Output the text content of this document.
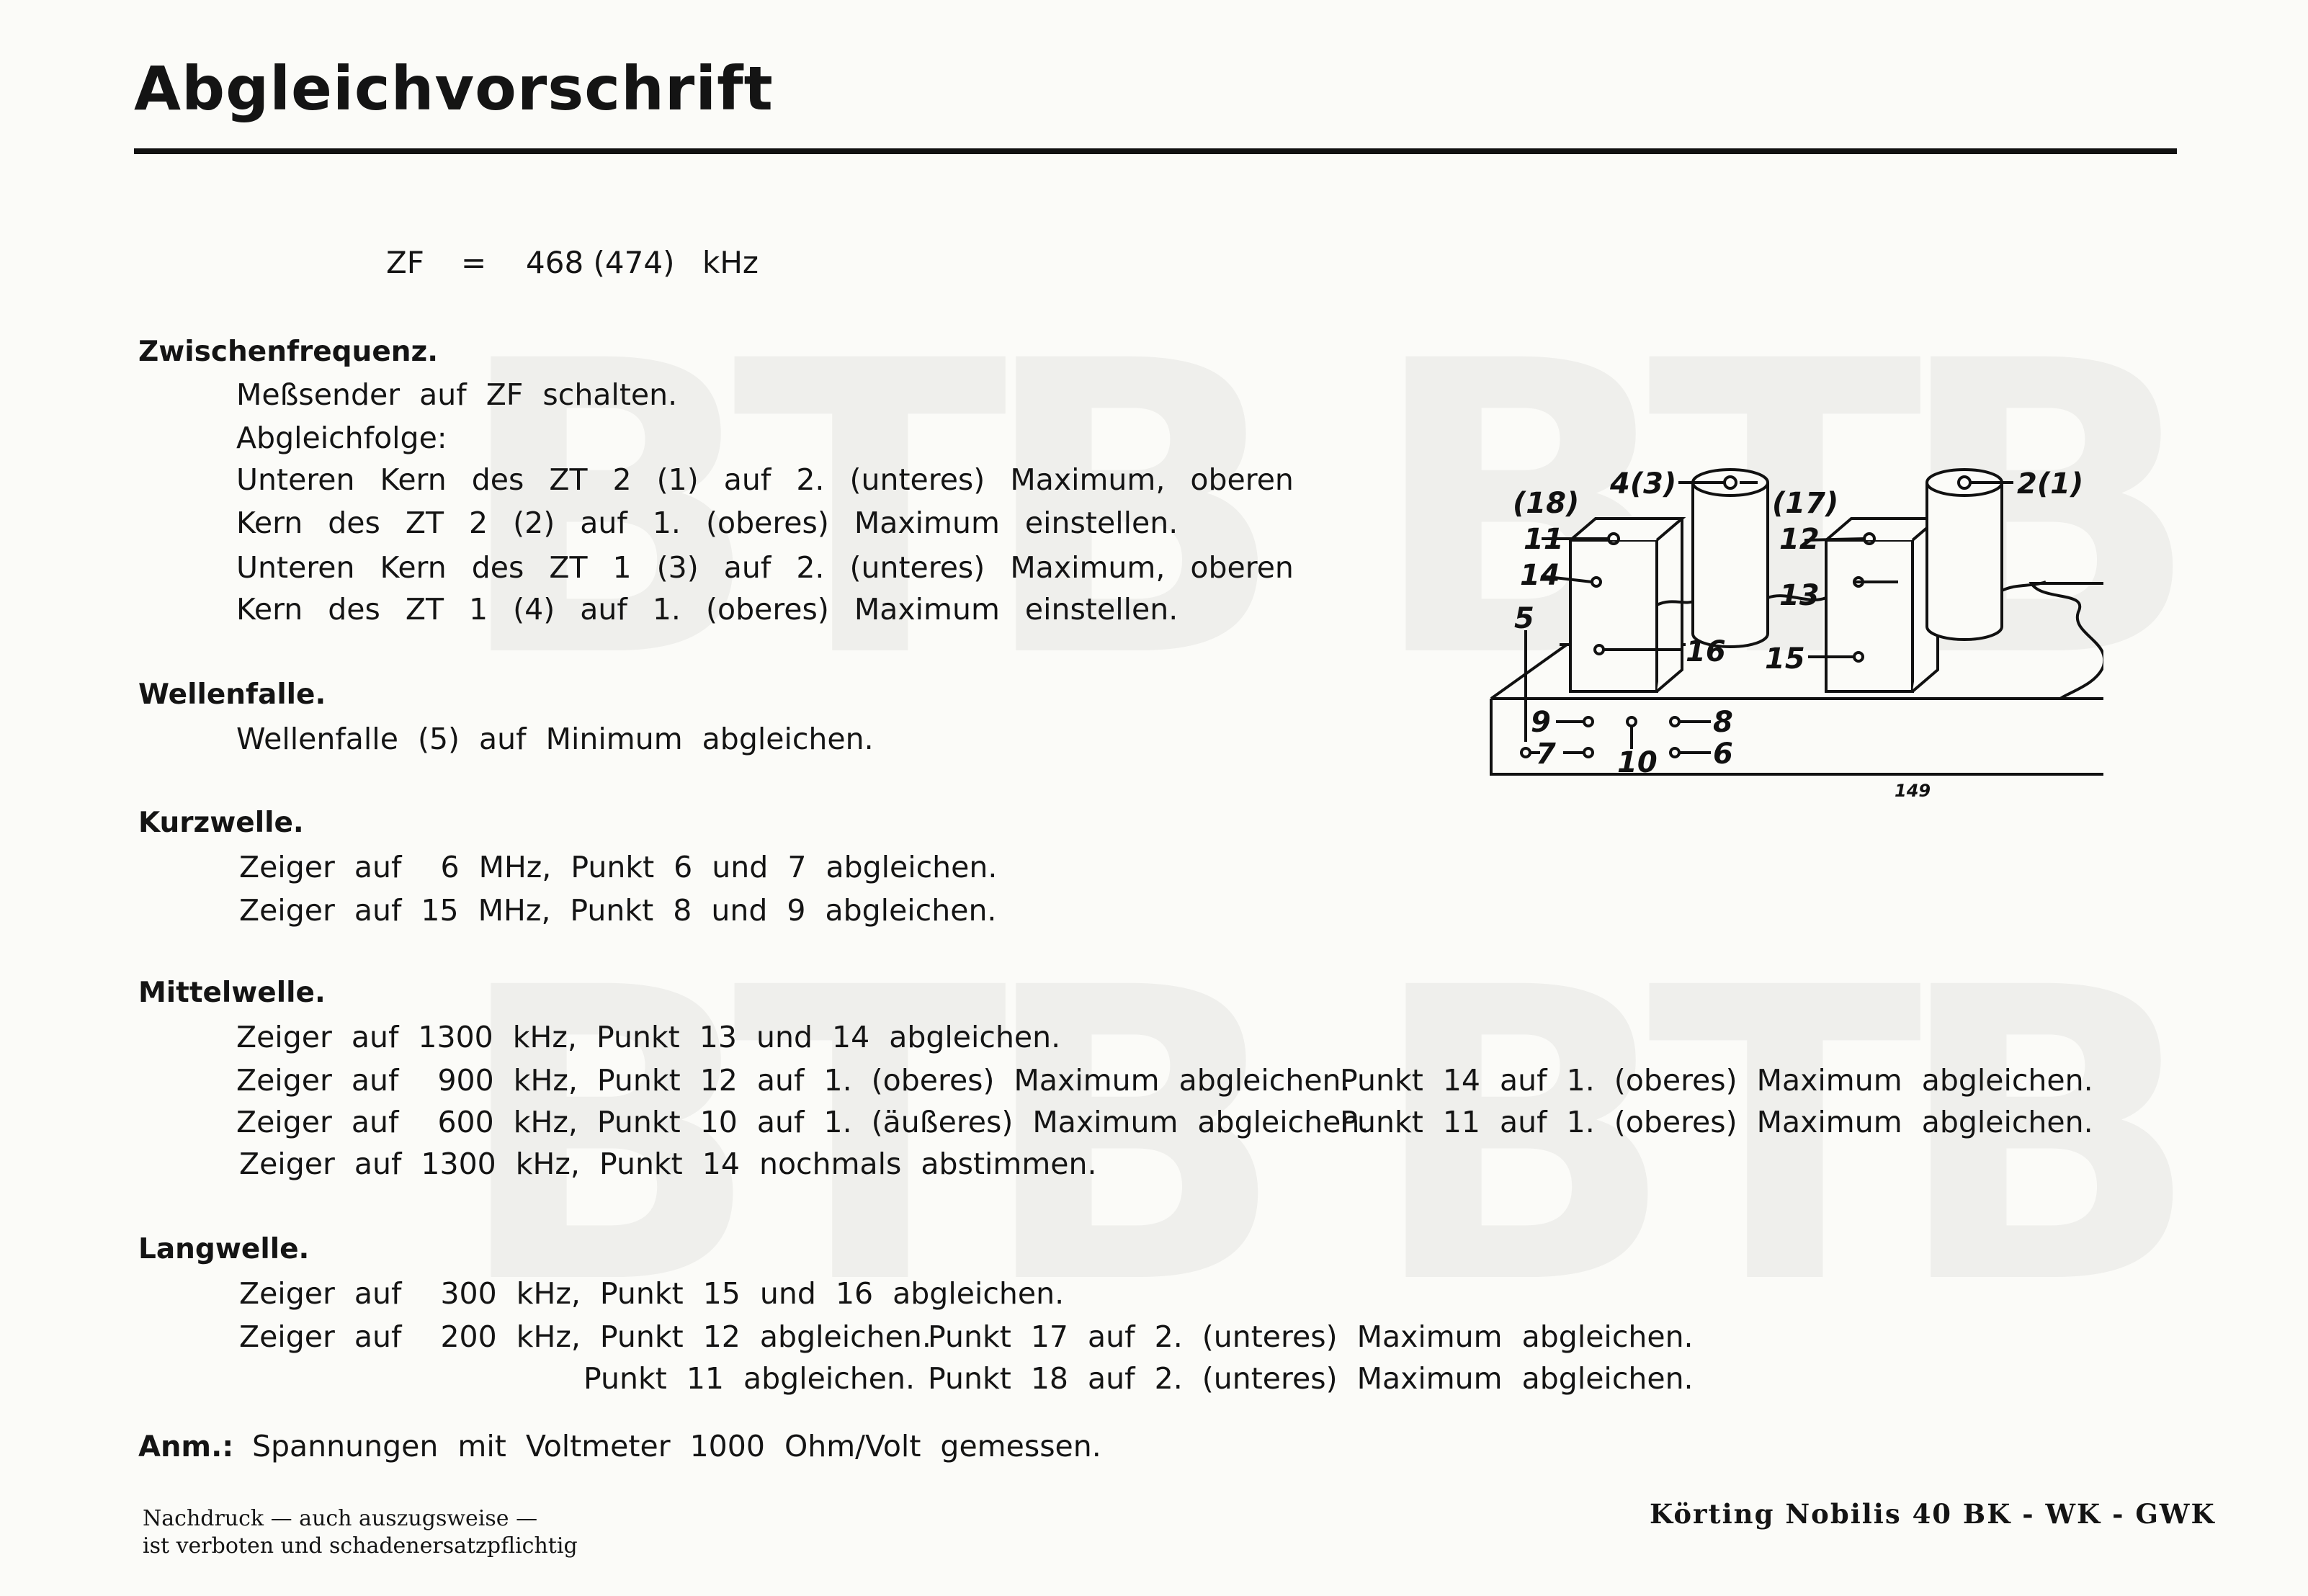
Abgleichvorschrift
ZF = 468 (474) kHz
Zwischenfrequenz.
Meßsender auf ZF schalten.
Abgleichfolge:
Unteren Kern des ZT 2 (1) auf 2. (unteres) Maximum, oberen
Kern des ZT 2 (2) auf 1. (oberes) Maximum einstellen.
Unteren Kern des ZT 1 (3) auf 2. (unteres) Maximum, oberen
Kern des ZT 1 (4) auf 1. (oberes) Maximum einstellen.
Wellenfalle.
Wellenfalle (5) auf Minimum abgleichen.
Kurzwelle.
Zeiger auf  6 MHz, Punkt 6 und 7 abgleichen.
Zeiger auf 15 MHz, Punkt 8 und 9 abgleichen.
Mittelwelle.
Zeiger auf 1300 kHz, Punkt 13 und 14 abgleichen.
Zeiger auf  900 kHz, Punkt 12 auf 1. (oberes) Maximum abgleichen.
Zeiger auf  600 kHz, Punkt 10 auf 1. (äußeres) Maximum abgleichen.
Zeiger auf 1300 kHz, Punkt 14 nochmals abstimmen.
Punkt 14 auf 1. (oberes) Maximum abgleichen.
Punkt 11 auf 1. (oberes) Maximum abgleichen.
Langwelle.
Zeiger auf  300 kHz, Punkt 15 und 16 abgleichen.
Zeiger auf  200 kHz, Punkt 12 abgleichen.
Punkt 11 abgleichen.
Punkt 17 auf 2. (unteres) Maximum abgleichen.
Punkt 18 auf 2. (unteres) Maximum abgleichen.
Anm.: Spannungen mit Voltmeter 1000 Ohm/Volt gemessen.
Nachdruck — auch auszugsweise —
ist verboten und schadenersatzpflichtig
Körting Nobilis 40 BK - WK - GWK
(18)
11
14
5
16
4(3)
(17)
12
13
15
2(1)
9	8
7 10 6
149
